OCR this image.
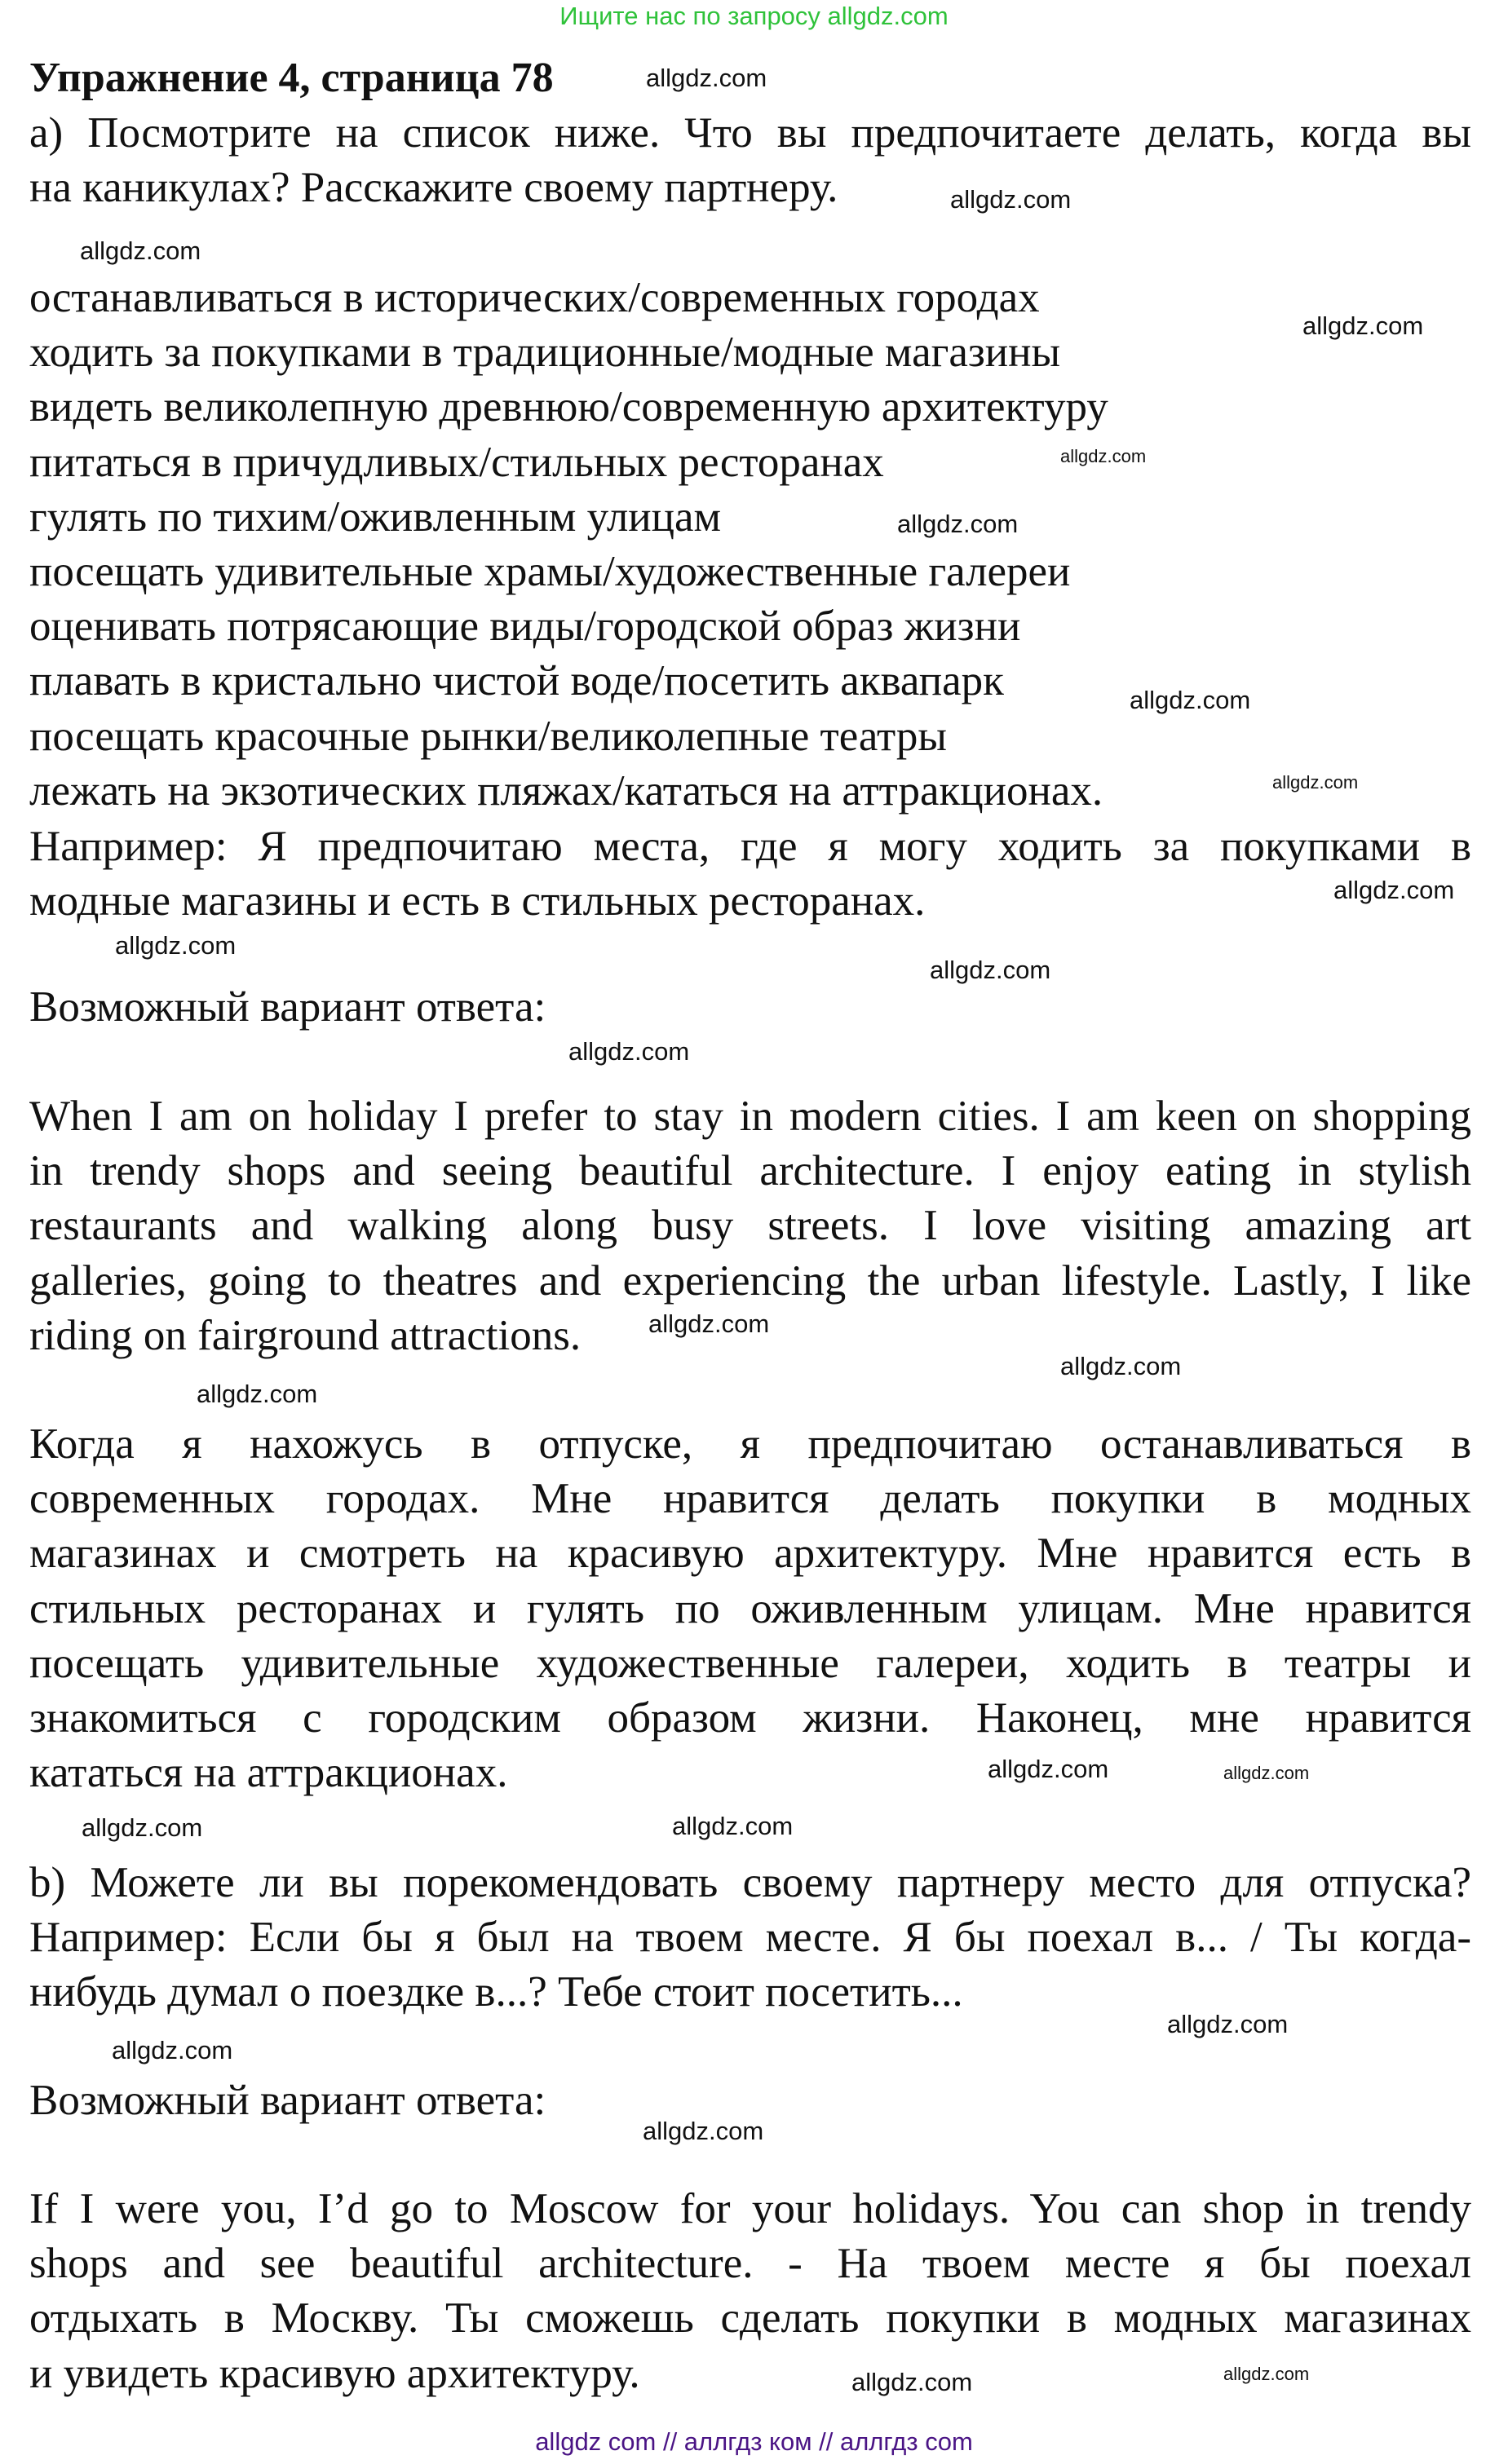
Ищите нас по запросу allgdz.com
Упражнение 4, страница 78
а) Посмотрите на список ниже. Что вы предпочитаете делать, когда вы
на каникулах? Расскажите своему партнеру.
останавливаться в исторических/современных городах
ходить за покупками в традиционные/модные магазины
видеть великолепную древнюю/современную архитектуру
питаться в причудливых/стильных ресторанах
гулять по тихим/оживленным улицам
посещать удивительные храмы/художественные галереи
оценивать потрясающие виды/городской образ жизни
плавать в кристально чистой воде/посетить аквапарк
посещать красочные рынки/великолепные театры
лежать на экзотических пляжах/кататься на аттракционах.
Например: Я предпочитаю места, где я могу ходить за покупками в
модные магазины и есть в стильных ресторанах.
Возможный вариант ответа:
When I am on holiday I prefer to stay in modern cities. I am keen on shopping
in trendy shops and seeing beautiful architecture. I enjoy eating in stylish
restaurants and walking along busy streets. I love visiting amazing art
galleries, going to theatres and experiencing the urban lifestyle. Lastly, I like
riding on fairground attractions.
Когда я нахожусь в отпуске, я предпочитаю останавливаться в
современных городах. Мне нравится делать покупки в модных
магазинах и смотреть на красивую архитектуру. Мне нравится есть в
стильных ресторанах и гулять по оживленным улицам. Мне нравится
посещать удивительные художественные галереи, ходить в театры и
знакомиться с городским образом жизни. Наконец, мне нравится
кататься на аттракционах.
b) Можете ли вы порекомендовать своему партнеру место для отпуска?
Например: Если бы я был на твоем месте. Я бы поехал в... / Ты когда-
нибудь думал о поездке в...? Тебе стоит посетить...
Возможный вариант ответа:
If I were you, I’d go to Moscow for your holidays. You can shop in trendy
shops and see beautiful architecture. - На твоем месте я бы поехал
отдыхать в Москву. Ты сможешь сделать покупки в модных магазинах
и увидеть красивую архитектуру.
allgdz.com
allgdz.com
allgdz.com
allgdz.com
allgdz.com
allgdz.com
allgdz.com
allgdz.com
allgdz.com
allgdz.com
allgdz.com
allgdz.com
allgdz.com
allgdz.com
allgdz.com
allgdz.com
allgdz.com
allgdz.com	allgdz.com
allgdz.com
allgdz.com
allgdz.com
allgdz.com
allgdz.com
allgdz com // аллгдз ком // аллгдз com
